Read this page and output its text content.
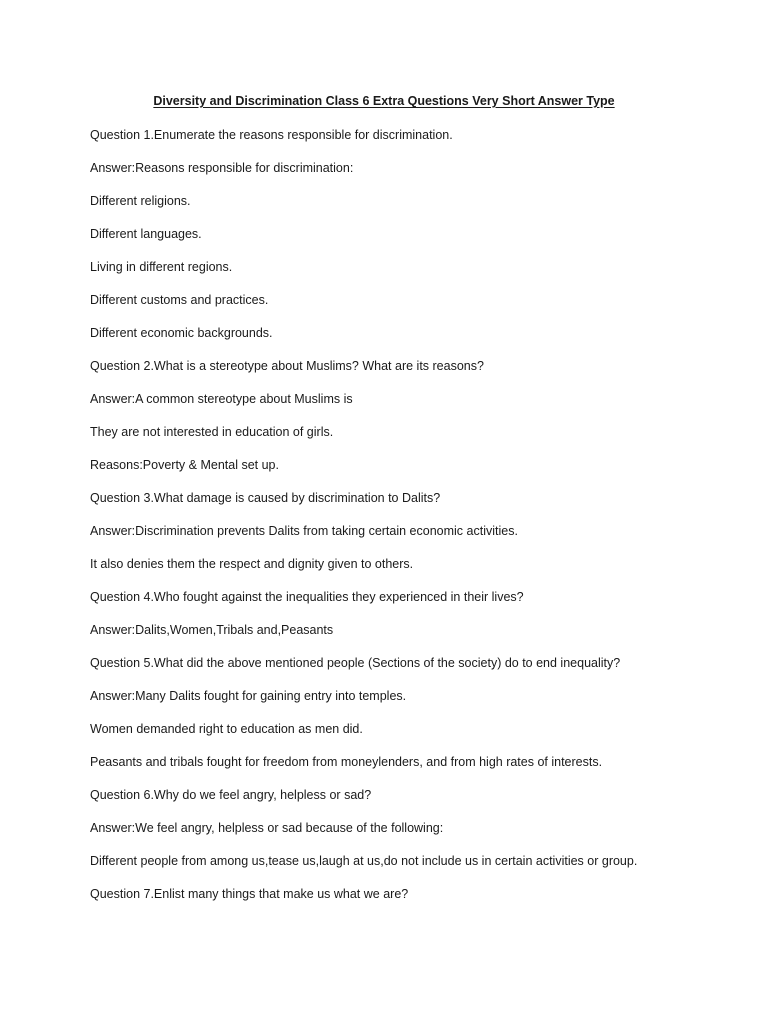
Diversity and Discrimination Class 6 Extra Questions Very Short Answer Type
Question 1.Enumerate the reasons responsible for discrimination.
Answer:Reasons responsible for discrimination:
Different religions.
Different languages.
Living in different regions.
Different customs and practices.
Different economic backgrounds.
Question 2.What is a stereotype about Muslims? What are its reasons?
Answer:A common stereotype about Muslims is
They are not interested in education of girls.
Reasons:Poverty & Mental set up.
Question 3.What damage is caused by discrimination to Dalits?
Answer:Discrimination prevents Dalits from taking certain economic activities.
It also denies them the respect and dignity given to others.
Question 4.Who fought against the inequalities they experienced in their lives?
Answer:Dalits,Women,Tribals and,Peasants
Question 5.What did the above mentioned people (Sections of the society) do to end inequality?
Answer:Many Dalits fought for gaining entry into temples.
Women demanded right to education as men did.
Peasants and tribals fought for freedom from moneylenders, and from high rates of interests.
Question 6.Why do we feel angry, helpless or sad?
Answer:We feel angry, helpless or sad because of the following:
Different people from among us,tease us,laugh at us,do not include us in certain activities or group.
Question 7.Enlist many things that make us what we are?
